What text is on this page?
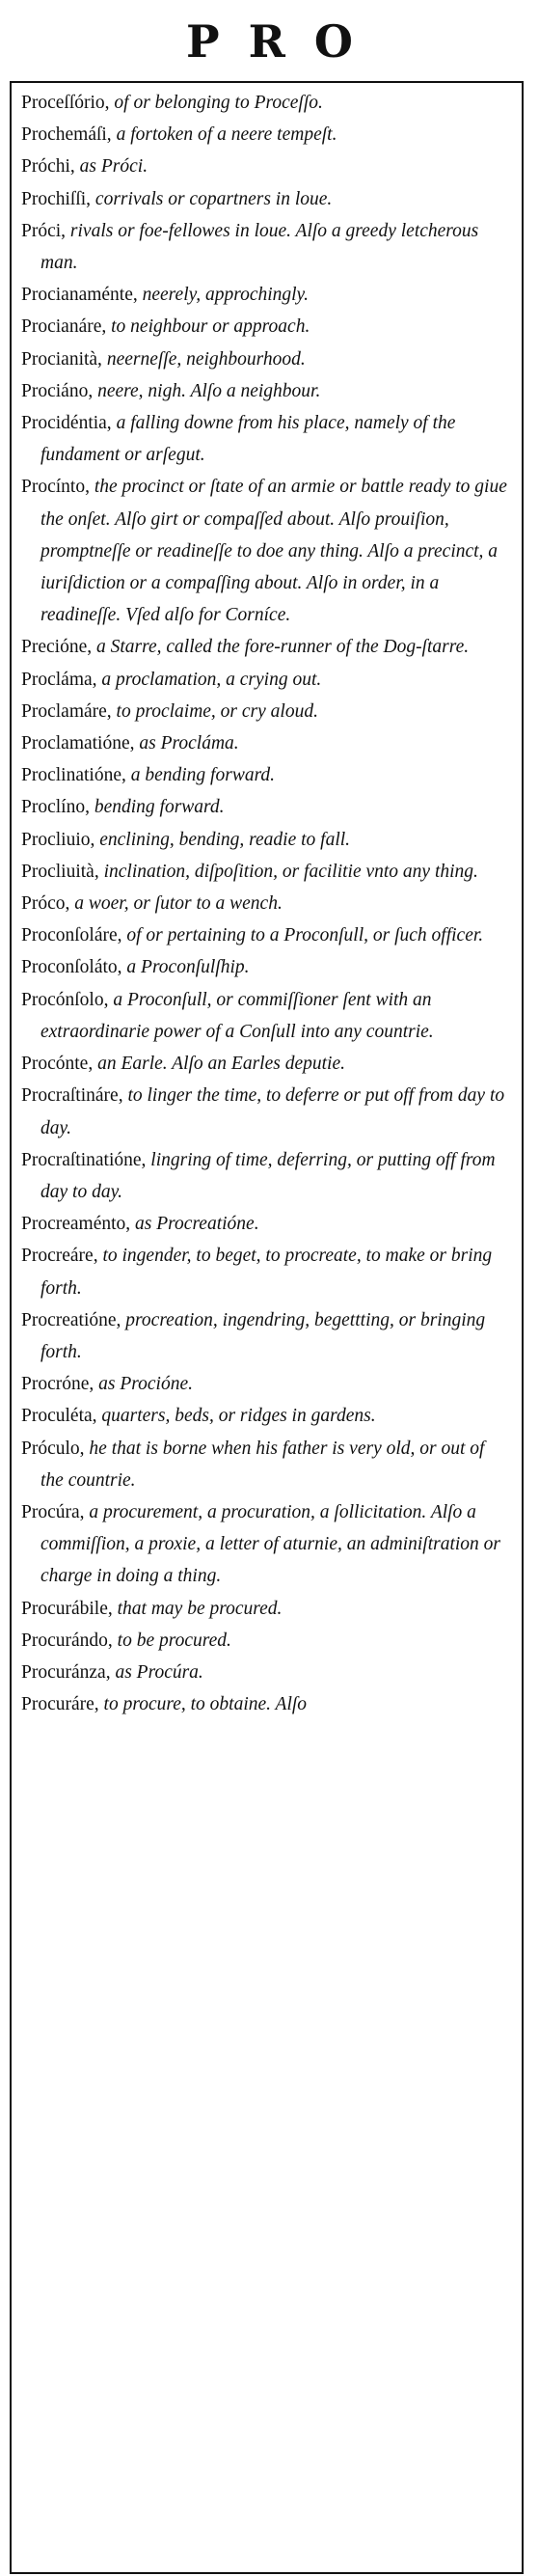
PRO

Proceſſório, of or belonging to Proceſſo.

Prochemáſi, a fortoken of a neere tempeſt.

Próchi, as Próci.

Prochiſſi, corrivals or copartners in loue.

Próci, rivals or foe-fellowes in loue. Alſo a greedy letcherous man.

Procianaménte, neerely, approchingly.

Procianáre, to neighbour or approach.

Procianità, neerneſſe, neighbourhood.

Prociáno, neere, nigh. Alſo a neighbour.

Procidéntia, a falling downe from his place, namely of the fundament or arſegut.

Procínto, the procinct or ſtate of an armie or battle ready to giue the onſet. Alſo girt or compaſſed about. Alſo prouiſion, promptneſſe or readineſſe to doe any thing. Alſo a precinct, a iuriſdiction or a compaſſing about. Alſo in order, in a readineſſe. Vſed alſo for Corníce.

Precióne, a Starre, called the fore-runner of the Dog-ſtarre.

Procláma, a proclamation, a crying out.

Proclamáre, to proclaime, or cry aloud.

Proclamatióne, as Procláma.

Proclinatióne, a bending forward.

Proclíno, bending forward.

Procliuio, enclining, bending, readie to fall.

Procliuità, inclination, diſpoſition, or facilitie vnto any thing.

Próco, a woer, or ſutor to a wench.

Proconſoláre, of or pertaining to a Proconſull, or ſuch officer.

Proconſoláto, a Proconſulſhip.

Procónſolo, a Proconſull, or commiſſioner ſent with an extraordinarie power of a Conſull into any countrie.

Procónte, an Earle. Alſo an Earles deputie.

Procraſtináre, to linger the time, to deferre or put off from day to day.

Procraſtinatióne, lingring of time, deferring, or putting off from day to day.

Procreaménto, as Procreatióne.

Procreáre, to ingender, to beget, to procreate, to make or bring forth.

Procreatióne, procreation, ingendring, begettting, or bringing forth.

Procróne, as Procióne.

Proculéta, quarters, beds, or ridges in gardens.

Próculo, he that is borne when his father is very old, or out of the countrie.

Procúra, a procurement, a procuration, a ſollicitation. Alſo a commiſſion, a proxie, a letter of aturnie, an adminiſtration or charge in doing a thing.

Procurábile, that may be procured.

Procurándo, to be procured.

Procuránza, as Procúra.

Procuráre, to procure, to obtaine. Alſo
